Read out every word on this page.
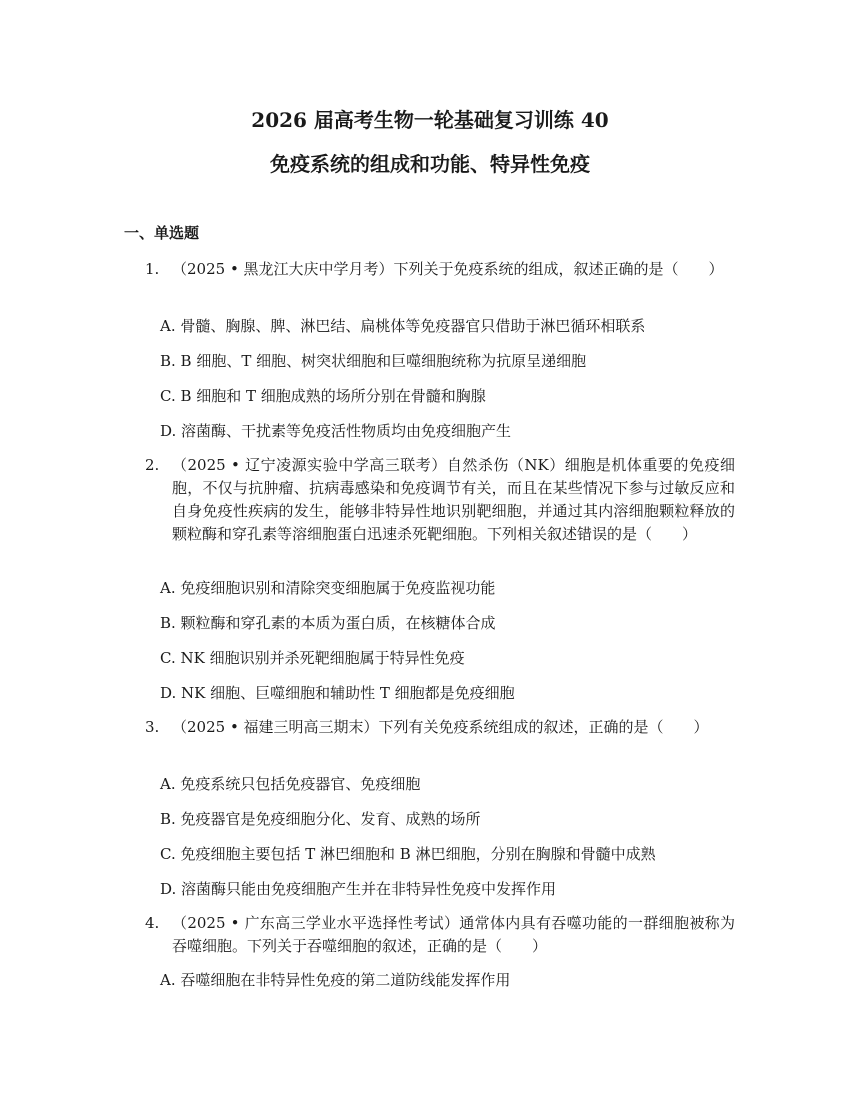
2026 届高考生物一轮基础复习训练 40
免疫系统的组成和功能、特异性免疫
一、单选题
1. （2025 • 黑龙江大庆中学月考）下列关于免疫系统的组成，叙述正确的是（　　）
A. 骨髓、胸腺、脾、淋巴结、扁桃体等免疫器官只借助于淋巴循环相联系
B. B 细胞、T 细胞、树突状细胞和巨噬细胞统称为抗原呈递细胞
C. B 细胞和 T 细胞成熟的场所分别在骨髓和胸腺
D. 溶菌酶、干扰素等免疫活性物质均由免疫细胞产生
2. （2025 • 辽宁凌源实验中学高三联考）自然杀伤（NK）细胞是机体重要的免疫细胞，不仅与抗肿瘤、抗病毒感染和免疫调节有关，而且在某些情况下参与过敏反应和自身免疫性疾病的发生，能够非特异性地识别靶细胞，并通过其内溶细胞颗粒释放的颗粒酶和穿孔素等溶细胞蛋白迅速杀死靶细胞。下列相关叙述错误的是（　　）
A. 免疫细胞识别和清除突变细胞属于免疫监视功能
B. 颗粒酶和穿孔素的本质为蛋白质，在核糖体合成
C. NK 细胞识别并杀死靶细胞属于特异性免疫
D. NK 细胞、巨噬细胞和辅助性 T 细胞都是免疫细胞
3. （2025 • 福建三明高三期末）下列有关免疫系统组成的叙述，正确的是（　　）
A. 免疫系统只包括免疫器官、免疫细胞
B. 免疫器官是免疫细胞分化、发育、成熟的场所
C. 免疫细胞主要包括 T 淋巴细胞和 B 淋巴细胞，分别在胸腺和骨髓中成熟
D. 溶菌酶只能由免疫细胞产生并在非特异性免疫中发挥作用
4. （2025 • 广东高三学业水平选择性考试）通常体内具有吞噬功能的一群细胞被称为吞噬细胞。下列关于吞噬细胞的叙述，正确的是（　　）
A. 吞噬细胞在非特异性免疫的第二道防线能发挥作用
